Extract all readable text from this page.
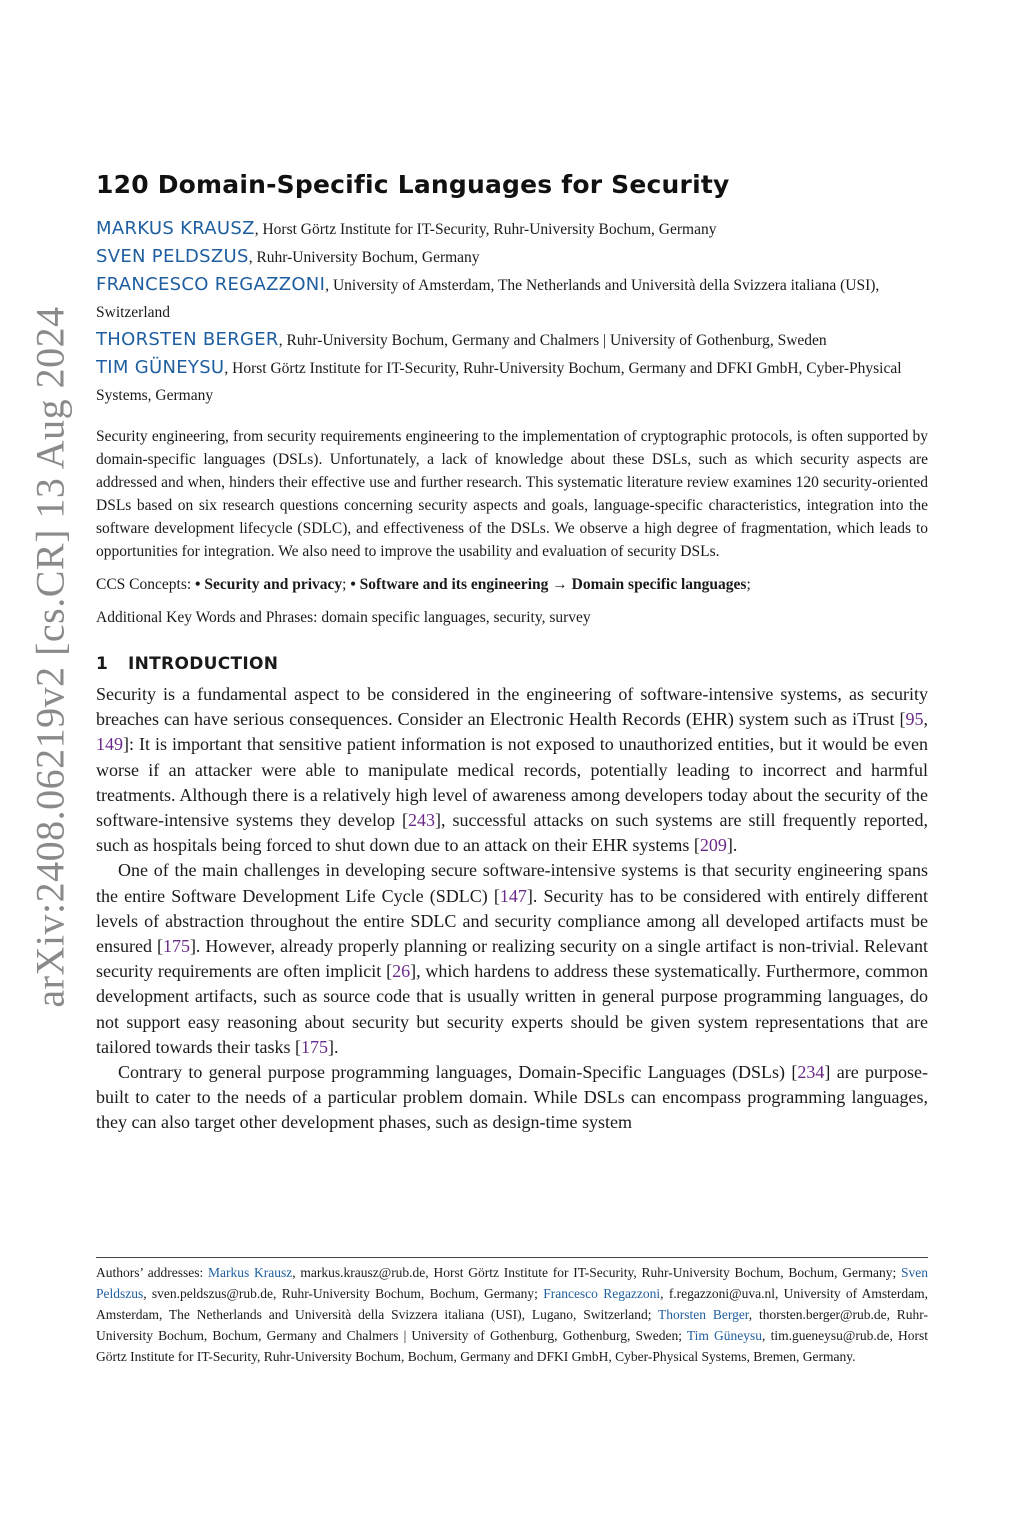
arXiv:2408.06219v2 [cs.CR] 13 Aug 2024
120 Domain-Specific Languages for Security

MARKUS KRAUSZ, Horst Görtz Institute for IT-Security, Ruhr-University Bochum, Germany

SVEN PELDSZUS, Ruhr-University Bochum, Germany

FRANCESCO REGAZZONI, University of Amsterdam, The Netherlands and Università della Svizzera italiana (USI), Switzerland

THORSTEN BERGER, Ruhr-University Bochum, Germany and Chalmers | University of Gothenburg, Sweden

TIM GÜNEYSU, Horst Görtz Institute for IT-Security, Ruhr-University Bochum, Germany and DFKI GmbH, Cyber-Physical Systems, Germany

Security engineering, from security requirements engineering to the implementation of cryptographic protocols, is often supported by domain-specific languages (DSLs). Unfortunately, a lack of knowledge about these DSLs, such as which security aspects are addressed and when, hinders their effective use and further research. This systematic literature review examines 120 security-oriented DSLs based on six research questions concerning security aspects and goals, language-specific characteristics, integration into the software development lifecycle (SDLC), and effectiveness of the DSLs. We observe a high degree of fragmentation, which leads to opportunities for integration. We also need to improve the usability and evaluation of security DSLs.
CCS Concepts: • Security and privacy; • Software and its engineering → Domain specific languages;
Additional Key Words and Phrases: domain specific languages, security, survey
1 INTRODUCTION

Security is a fundamental aspect to be considered in the engineering of software-intensive systems, as security breaches can have serious consequences. Consider an Electronic Health Records (EHR) system such as iTrust [95, 149]: It is important that sensitive patient information is not exposed to unauthorized entities, but it would be even worse if an attacker were able to manipulate medical records, potentially leading to incorrect and harmful treatments. Although there is a relatively high level of awareness among developers today about the security of the software-intensive systems they develop [243], successful attacks on such systems are still frequently reported, such as hospitals being forced to shut down due to an attack on their EHR systems [209].

One of the main challenges in developing secure software-intensive systems is that security engineering spans the entire Software Development Life Cycle (SDLC) [147]. Security has to be considered with entirely different levels of abstraction throughout the entire SDLC and security compliance among all developed artifacts must be ensured [175]. However, already properly planning or realizing security on a single artifact is non-trivial. Relevant security requirements are often implicit [26], which hardens to address these systematically. Furthermore, common development artifacts, such as source code that is usually written in general purpose programming languages, do not support easy reasoning about security but security experts should be given system representations that are tailored towards their tasks [175].

Contrary to general purpose programming languages, Domain-Specific Languages (DSLs) [234] are purpose-built to cater to the needs of a particular problem domain. While DSLs can encompass programming languages, they can also target other development phases, such as design-time system

Authors’ addresses: Markus Krausz, markus.krausz@rub.de, Horst Görtz Institute for IT-Security, Ruhr-University Bochum, Bochum, Germany; Sven Peldszus, sven.peldszus@rub.de, Ruhr-University Bochum, Bochum, Germany; Francesco Regazzoni, f.regazzoni@uva.nl, University of Amsterdam, Amsterdam, The Netherlands and Università della Svizzera italiana (USI), Lugano, Switzerland; Thorsten Berger, thorsten.berger@rub.de, Ruhr-University Bochum, Bochum, Germany and Chalmers | University of Gothenburg, Gothenburg, Sweden; Tim Güneysu, tim.gueneysu@rub.de, Horst Görtz Institute for IT-Security, Ruhr-University Bochum, Bochum, Germany and DFKI GmbH, Cyber-Physical Systems, Bremen, Germany.
